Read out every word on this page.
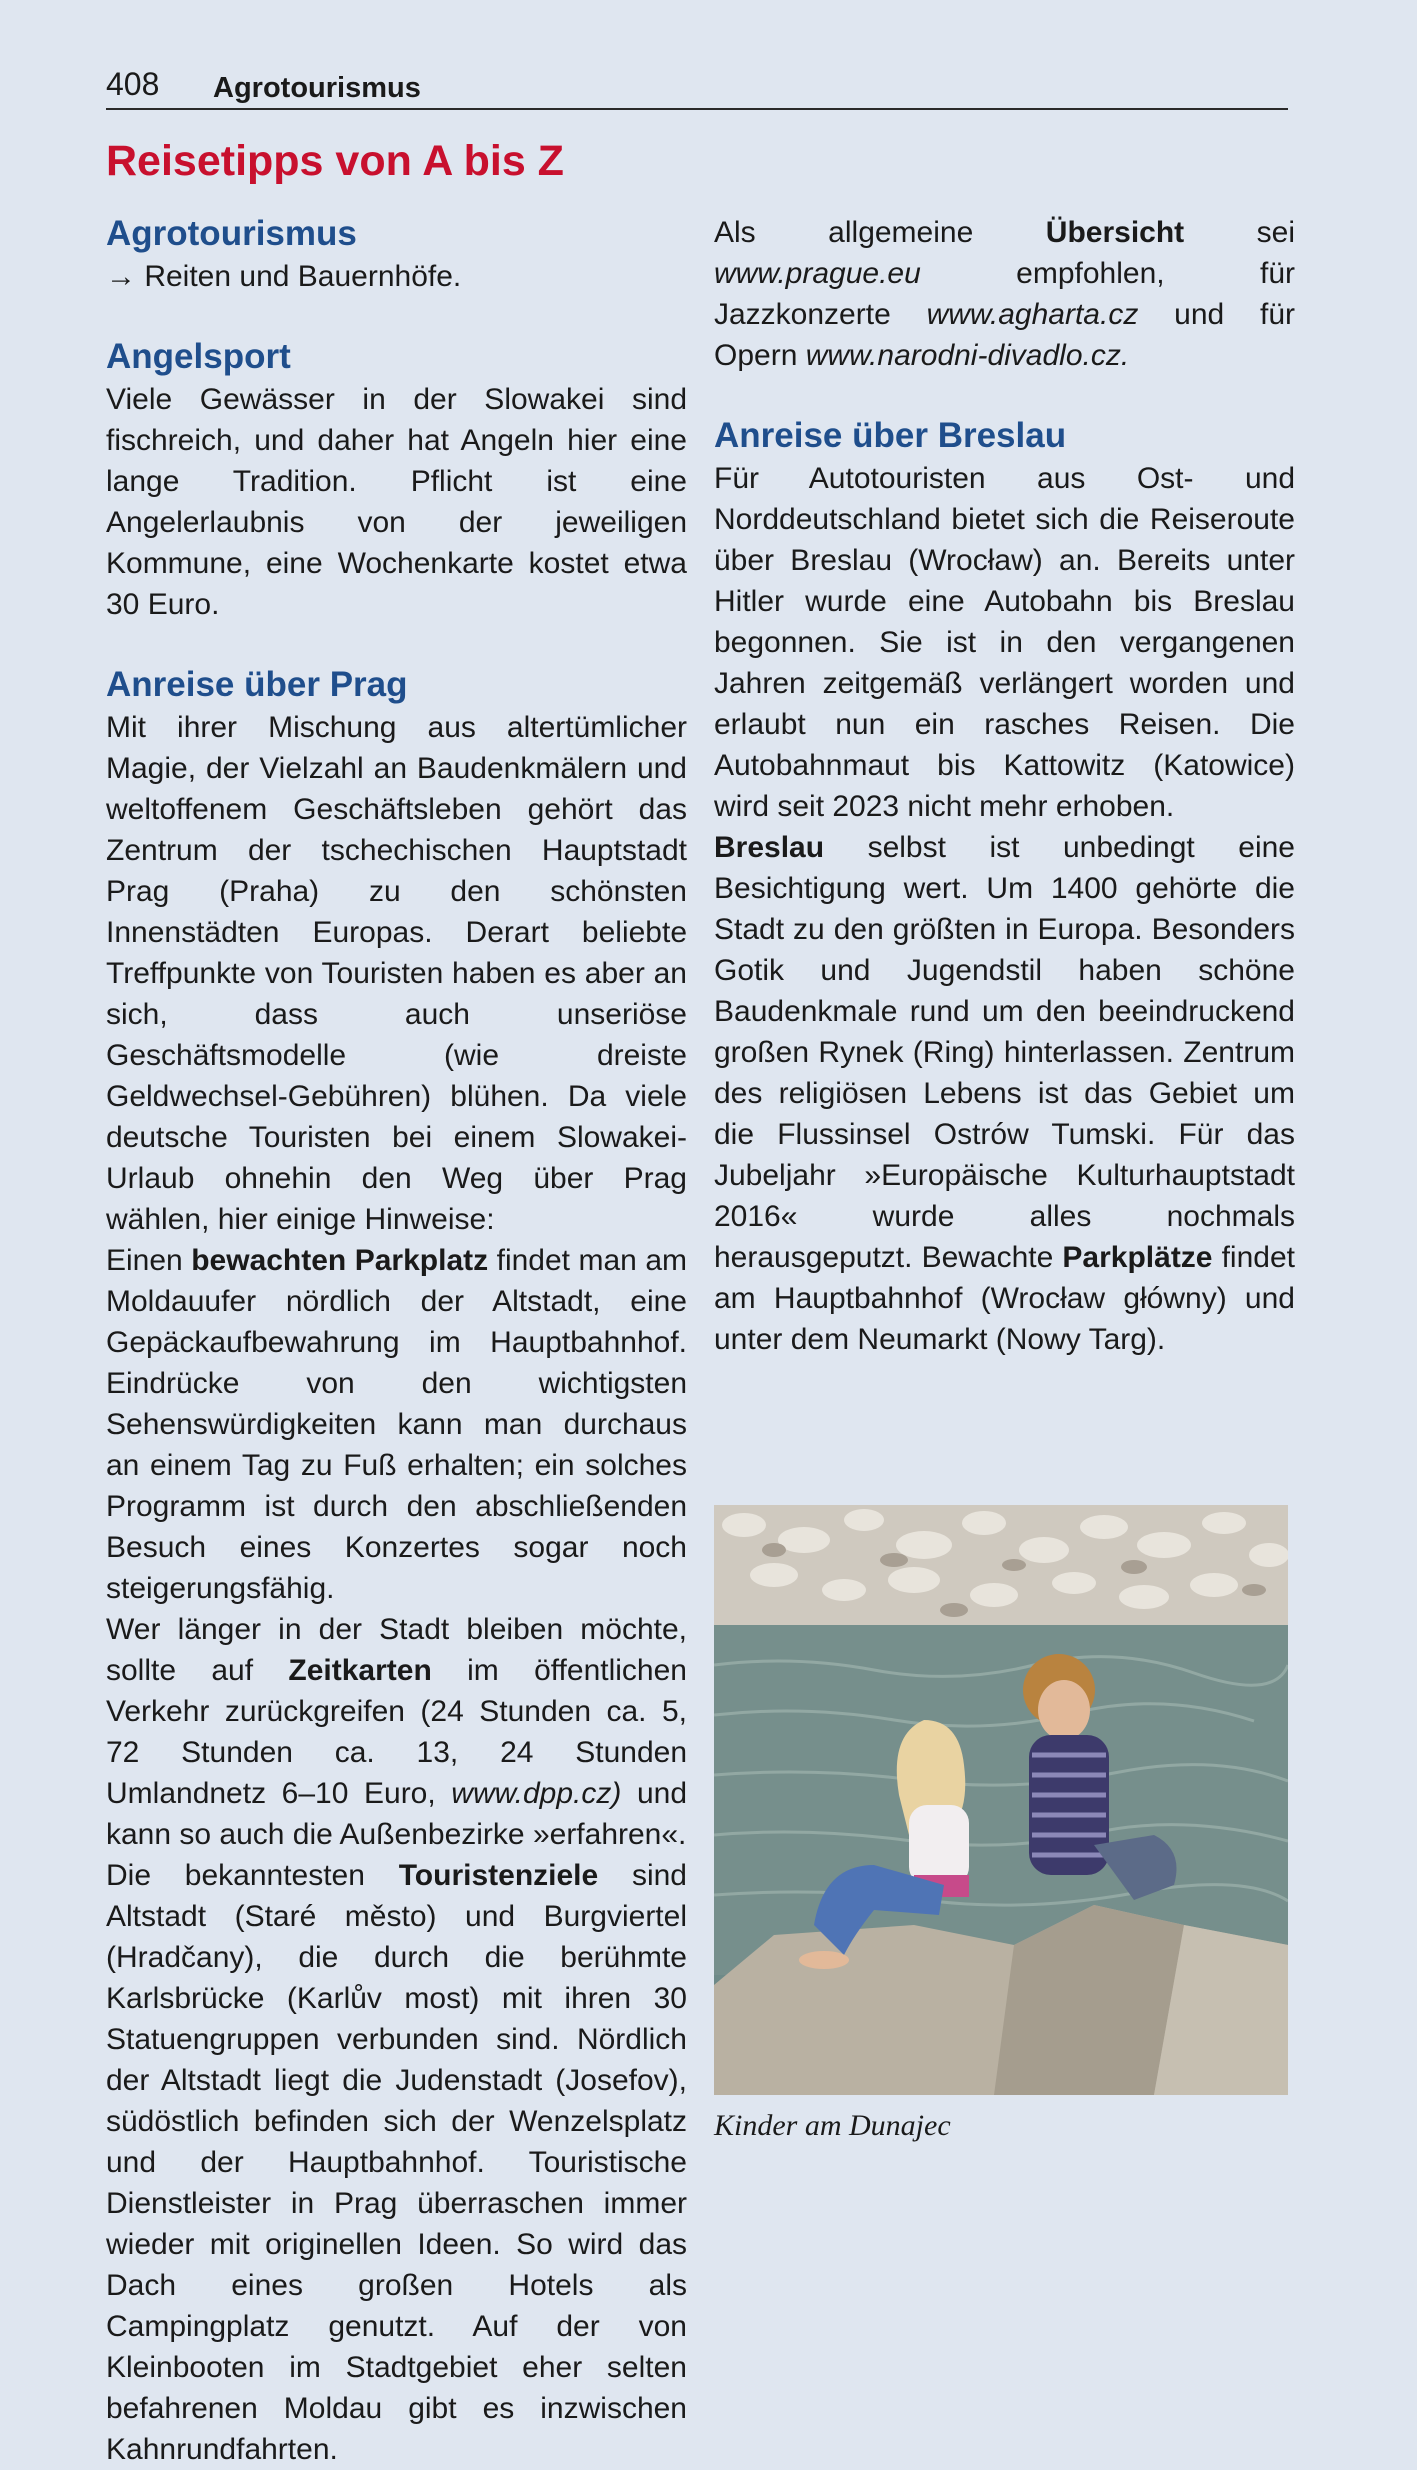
408 Agrotourismus
Reisetipps von A bis Z
Agrotourismus

→ Reiten und Bauernhöfe.

Angelsport

Viele Gewässer in der Slowakei sind fischreich, und daher hat Angeln hier eine lange Tradition. Pflicht ist eine Angelerlaubnis von der jeweiligen Kommune, eine Wochenkarte kostet etwa 30 Euro.

Anreise über Prag

Mit ihrer Mischung aus altertümlicher Magie, der Vielzahl an Baudenkmälern und weltoffenem Geschäftsleben gehört das Zentrum der tschechischen Hauptstadt Prag (Praha) zu den schönsten Innenstädten Europas. Derart beliebte Treffpunkte von Touristen haben es aber an sich, dass auch unseriöse Geschäftsmodelle (wie dreiste Geldwechsel-Gebühren) blühen. Da viele deutsche Touristen bei einem Slowakei-Urlaub ohnehin den Weg über Prag wählen, hier einige Hinweise:

Einen bewachten Parkplatz findet man am Moldauufer nördlich der Altstadt, eine Gepäckaufbewahrung im Hauptbahnhof. Eindrücke von den wichtigsten Sehenswürdigkeiten kann man durchaus an einem Tag zu Fuß erhalten; ein solches Programm ist durch den abschließenden Besuch eines Konzertes sogar noch steigerungsfähig.

Wer länger in der Stadt bleiben möchte, sollte auf Zeitkarten im öffentlichen Verkehr zurückgreifen (24 Stunden ca. 5, 72 Stunden ca. 13, 24 Stunden Umlandnetz 6–10 Euro, www.dpp.cz) und kann so auch die Außenbezirke »erfahren«.

Die bekanntesten Touristenziele sind Altstadt (Staré město) und Burgviertel (Hradčany), die durch die berühmte Karlsbrücke (Karlův most) mit ihren 30 Statuengruppen verbunden sind. Nördlich der Altstadt liegt die Judenstadt (Josefov), südöstlich befinden sich der Wenzelsplatz und der Hauptbahnhof. Touristische Dienstleister in Prag überraschen immer wieder mit originellen Ideen. So wird das Dach eines großen Hotels als Campingplatz genutzt. Auf der von Kleinbooten im Stadtgebiet eher selten befahrenen Moldau gibt es inzwischen Kahnrundfahrten.

Als allgemeine Übersicht sei www.prague.eu empfohlen, für Jazzkonzerte www.agharta.cz und für Opern www.narodni-divadlo.cz.

Anreise über Breslau

Für Autotouristen aus Ost- und Norddeutschland bietet sich die Reiseroute über Breslau (Wrocław) an. Bereits unter Hitler wurde eine Autobahn bis Breslau begonnen. Sie ist in den vergangenen Jahren zeitgemäß verlängert worden und erlaubt nun ein rasches Reisen. Die Autobahnmaut bis Kattowitz (Katowice) wird seit 2023 nicht mehr erhoben.

Breslau selbst ist unbedingt eine Besichtigung wert. Um 1400 gehörte die Stadt zu den größten in Europa. Besonders Gotik und Jugendstil haben schöne Baudenkmale rund um den beeindruckend großen Rynek (Ring) hinterlassen. Zentrum des religiösen Lebens ist das Gebiet um die Flussinsel Ostrów Tumski. Für das Jubeljahr »Europäische Kulturhauptstadt 2016« wurde alles nochmals herausgeputzt. Bewachte Parkplätze findet am Hauptbahnhof (Wrocław główny) und unter dem Neumarkt (Nowy Targ).

Kinder am Dunajec
